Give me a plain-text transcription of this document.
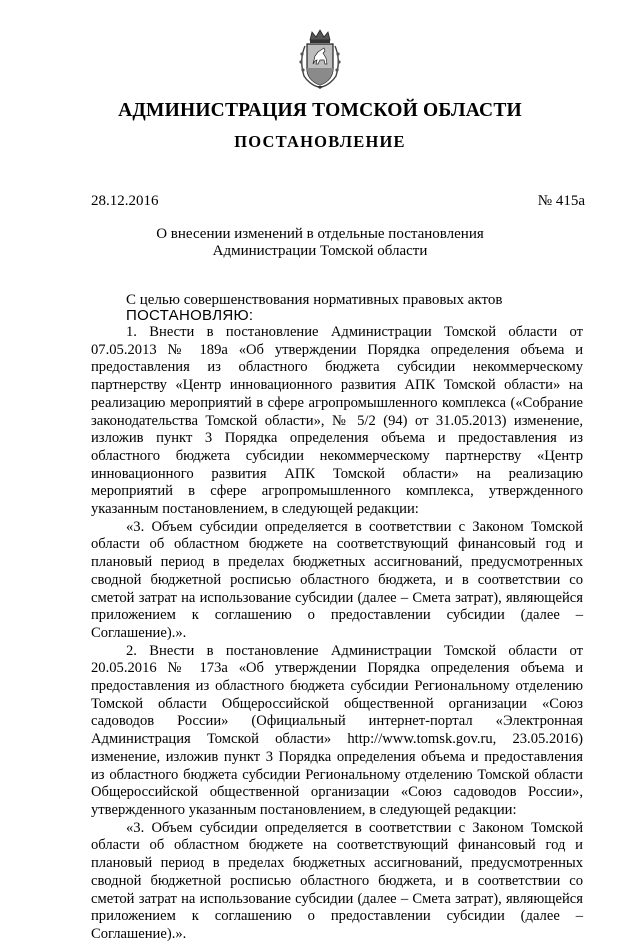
АДМИНИСТРАЦИЯ ТОМСКОЙ ОБЛАСТИ
ПОСТАНОВЛЕНИЕ
28.12.2016	№ 415а
О внесении изменений в отдельные постановления
Администрации Томской области
С целью совершенствования нормативных правовых актов
ПОСТАНОВЛЯЮ:

1. Внести в постановление Администрации Томской области от 07.05.2013 № 189а «Об утверждении Порядка определения объема и предоставления из областного бюджета субсидии некоммерческому партнерству «Центр инновационного развития АПК Томской области» на реализацию мероприятий в сфере агропромышленного комплекса («Собрание законодательства Томской области», № 5/2 (94) от 31.05.2013) изменение, изложив пункт 3 Порядка определения объема и предоставления из областного бюджета субсидии некоммерческому партнерству «Центр инновационного развития АПК Томской области» на реализацию мероприятий в сфере агропромышленного комплекса, утвержденного указанным постановлением, в следующей редакции:

«3. Объем субсидии определяется в соответствии с Законом Томской области об областном бюджете на соответствующий финансовый год и плановый период в пределах бюджетных ассигнований, предусмотренных сводной бюджетной росписью областного бюджета, и в соответствии со сметой затрат на использование субсидии (далее – Смета затрат), являющейся приложением к соглашению о предоставлении субсидии (далее – Соглашение).».

2. Внести в постановление Администрации Томской области от 20.05.2016 № 173а «Об утверждении Порядка определения объема и предоставления из областного бюджета субсидии Региональному отделению Томской области Общероссийской общественной организации «Союз садоводов России» (Официальный интернет-портал «Электронная Администрация Томской области» http://www.tomsk.gov.ru, 23.05.2016) изменение, изложив пункт 3 Порядка определения объема и предоставления из областного бюджета субсидии Региональному отделению Томской области Общероссийской общественной организации «Союз садоводов России», утвержденного указанным постановлением, в следующей редакции:

«3. Объем субсидии определяется в соответствии с Законом Томской области об областном бюджете на соответствующий финансовый год и плановый период в пределах бюджетных ассигнований, предусмотренных сводной бюджетной росписью областного бюджета, и в соответствии со сметой затрат на использование субсидии (далее – Смета затрат), являющейся приложением к соглашению о предоставлении субсидии (далее – Соглашение).».
